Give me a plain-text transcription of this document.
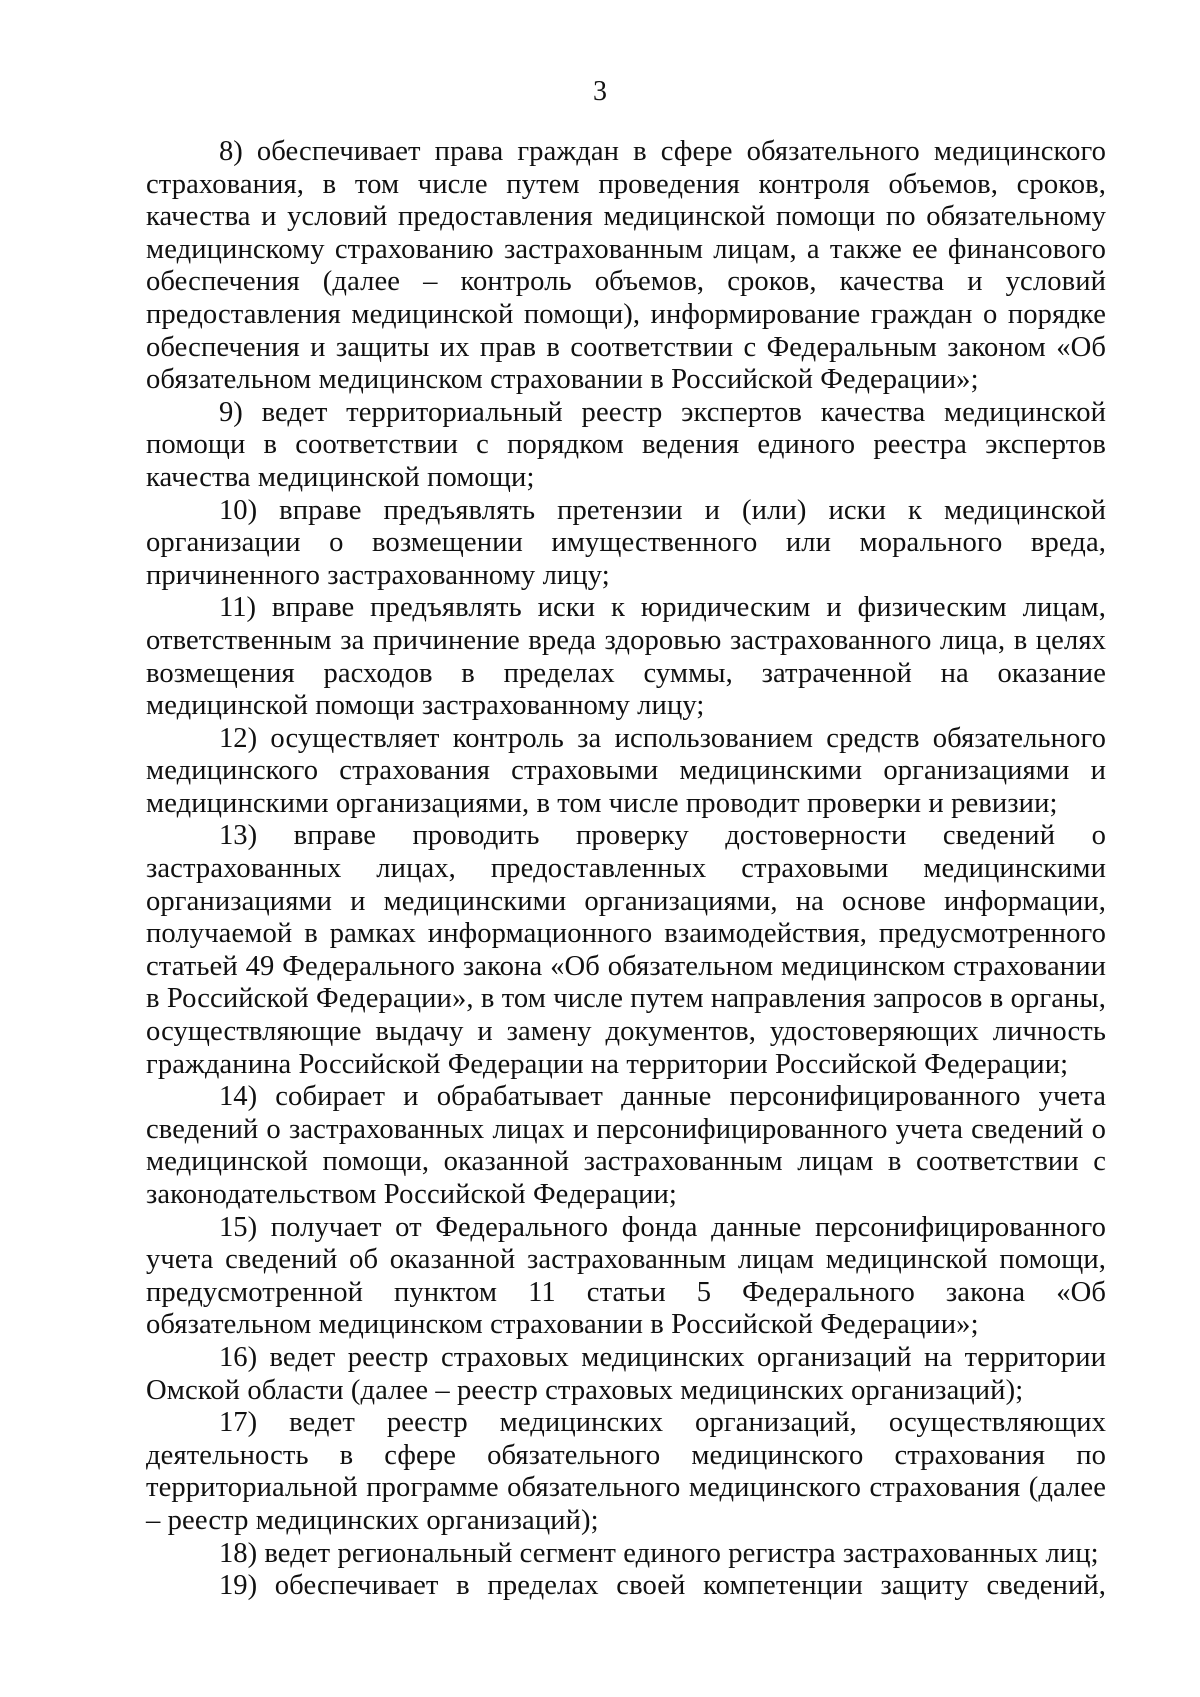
3

8) обеспечивает права граждан в сфере обязательного медицинского страхования, в том числе путем проведения контроля объемов, сроков, качества и условий предоставления медицинской помощи по обязательному медицинскому страхованию застрахованным лицам, а также ее финансового обеспечения (далее – контроль объемов, сроков, качества и условий предоставления медицинской помощи), информирование граждан о порядке обеспечения и защиты их прав в соответствии с Федеральным законом «Об обязательном медицинском страховании в Российской Федерации»;

9) ведет территориальный реестр экспертов качества медицинской помощи в соответствии с порядком ведения единого реестра экспертов качества медицинской помощи;

10) вправе предъявлять претензии и (или) иски к медицинской организации о возмещении имущественного или морального вреда, причиненного застрахованному лицу;

11) вправе предъявлять иски к юридическим и физическим лицам, ответственным за причинение вреда здоровью застрахованного лица, в целях возмещения расходов в пределах суммы, затраченной на оказание медицинской помощи застрахованному лицу;

12) осуществляет контроль за использованием средств обязательного медицинского страхования страховыми медицинскими организациями и медицинскими организациями, в том числе проводит проверки и ревизии;

13) вправе проводить проверку достоверности сведений о застрахованных лицах, предоставленных страховыми медицинскими организациями и медицинскими организациями, на основе информации, получаемой в рамках информационного взаимодействия, предусмотренного статьей 49 Федерального закона «Об обязательном медицинском страховании в Российской Федерации», в том числе путем направления запросов в органы, осуществляющие выдачу и замену документов, удостоверяющих личность гражданина Российской Федерации на территории Российской Федерации;

14) собирает и обрабатывает данные персонифицированного учета сведений о застрахованных лицах и персонифицированного учета сведений о медицинской помощи, оказанной застрахованным лицам в соответствии с законодательством Российской Федерации;

15) получает от Федерального фонда данные персонифицированного учета сведений об оказанной застрахованным лицам медицинской помощи, предусмотренной пунктом 11 статьи 5 Федерального закона «Об обязательном медицинском страховании в Российской Федерации»;

16) ведет реестр страховых медицинских организаций на территории Омской области (далее – реестр страховых медицинских организаций);

17) ведет реестр медицинских организаций, осуществляющих деятельность в сфере обязательного медицинского страхования по территориальной программе обязательного медицинского страхования (далее – реестр медицинских организаций);

18) ведет региональный сегмент единого регистра застрахованных лиц;

19) обеспечивает в пределах своей компетенции защиту сведений,
